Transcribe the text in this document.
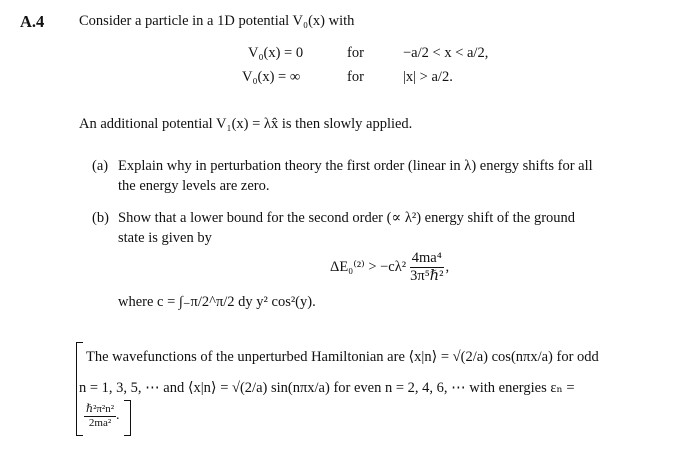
A.4 Consider a particle in a 1D potential V₀(x) with
V₀(x) = 0	for	−a/2 < x < a/2,
V₀(x) = ∞	for	|x| > a/2.
An additional potential V₁(x) = λx̂ is then slowly applied.
(a) Explain why in perturbation theory the first order (linear in λ) energy shifts for all
the energy levels are zero.
(b) Show that a lower bound for the second order (∝ λ²) energy shift of the ground
state is given by
$\Delta E_0^{(2)} > -c\lambda^2 \frac{\text{4ma⁴}}{\text{3π⁵ℏ²}}$ ,
where c = ∫₋π/2^π/2 dy y² cos²(y).
The wavefunctions of the unperturbed Hamiltonian are ⟨x|n⟩ = √(2/a) cos(nπx/a) for odd
n = 1, 3, 5, ⋯ and ⟨x|n⟩ = √(2/a) sin(nπx/a) for even n = 2, 4, 6, ⋯ with energies εₙ =
$\frac{\text{ℏ²π²n²}}{\text{2ma²}}$ .
